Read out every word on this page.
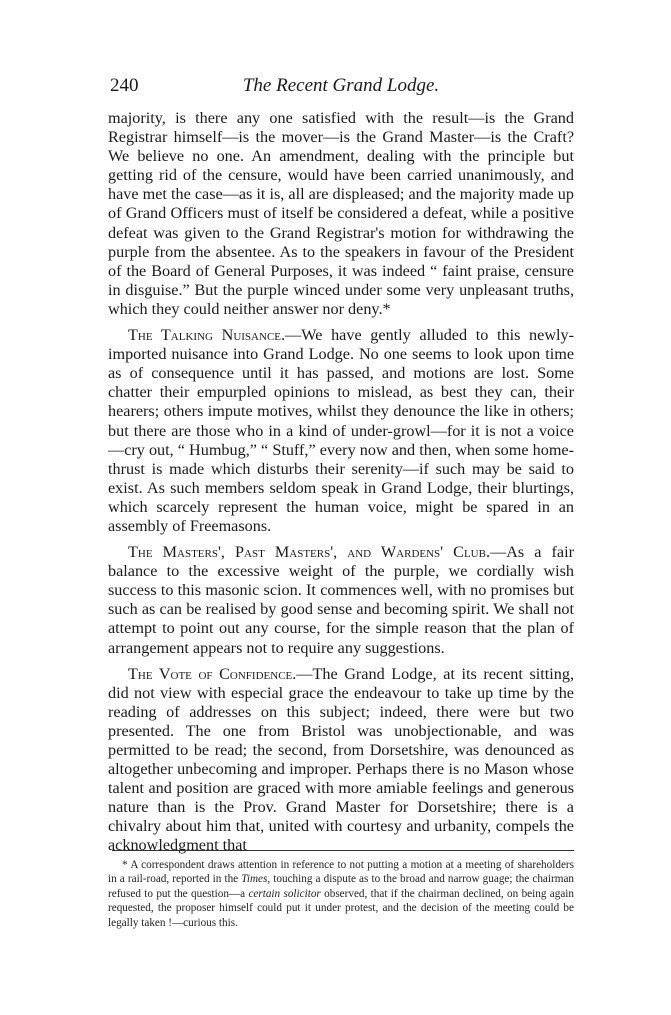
240	The Recent Grand Lodge.

majority, is there any one satisfied with the result—is the Grand Registrar himself—is the mover—is the Grand Master—is the Craft? We believe no one. An amendment, dealing with the principle but getting rid of the censure, would have been carried unanimously, and have met the case—as it is, all are displeased; and the majority made up of Grand Officers must of itself be considered a defeat, while a positive defeat was given to the Grand Registrar's motion for withdrawing the purple from the absentee. As to the speakers in favour of the President of the Board of General Purposes, it was indeed “ faint praise, censure in disguise.” But the purple winced under some very unpleasant truths, which they could neither answer nor deny.*

The Talking Nuisance.—We have gently alluded to this newly-imported nuisance into Grand Lodge. No one seems to look upon time as of consequence until it has passed, and motions are lost. Some chatter their empurpled opinions to mislead, as best they can, their hearers; others impute motives, whilst they denounce the like in others; but there are those who in a kind of under-growl—for it is not a voice—cry out, “ Humbug,” “ Stuff,” every now and then, when some home-thrust is made which disturbs their serenity—if such may be said to exist. As such members seldom speak in Grand Lodge, their blurtings, which scarcely represent the human voice, might be spared in an assembly of Freemasons.

The Masters', Past Masters', and Wardens' Club.—As a fair balance to the excessive weight of the purple, we cordially wish success to this masonic scion. It commences well, with no promises but such as can be realised by good sense and becoming spirit. We shall not attempt to point out any course, for the simple reason that the plan of arrangement appears not to require any suggestions.

The Vote of Confidence.—The Grand Lodge, at its recent sitting, did not view with especial grace the endeavour to take up time by the reading of addresses on this subject; indeed, there were but two presented. The one from Bristol was unobjectionable, and was permitted to be read; the second, from Dorsetshire, was denounced as altogether unbecoming and improper. Perhaps there is no Mason whose talent and position are graced with more amiable feelings and generous nature than is the Prov. Grand Master for Dorsetshire; there is a chivalry about him that, united with courtesy and urbanity, compels the acknowledgment that

* A correspondent draws attention in reference to not putting a motion at a meeting of shareholders in a rail-road, reported in the Times, touching a dispute as to the broad and narrow guage; the chairman refused to put the question—a certain solicitor observed, that if the chairman declined, on being again requested, the proposer himself could put it under protest, and the decision of the meeting could be legally taken !—curious this.
